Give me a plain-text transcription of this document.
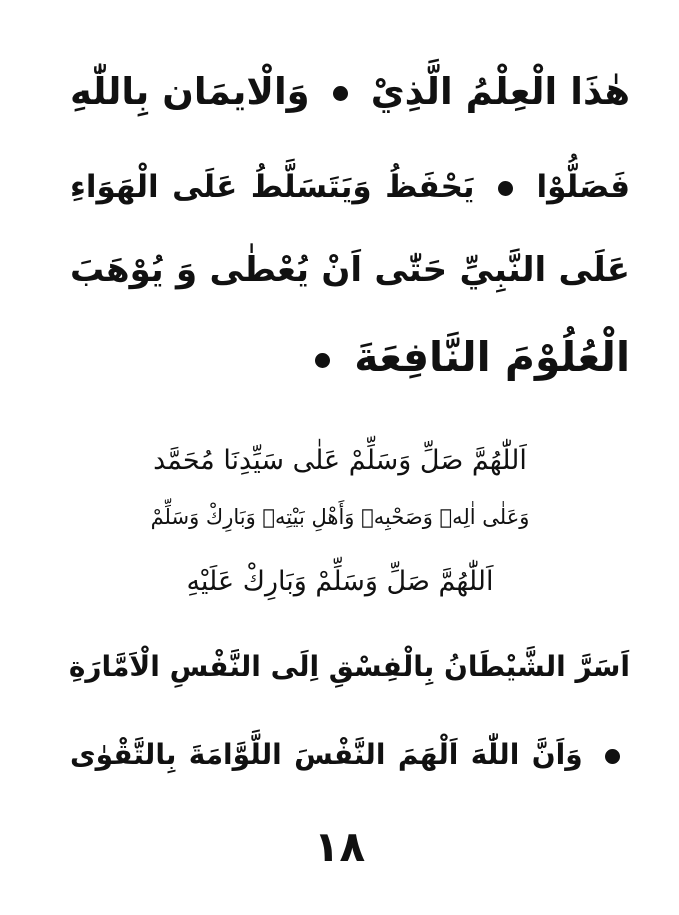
هٰذَا الْعِلْمُ الَّذِيْ  وَالْايمَان بِاللّٰهِ
فَصَلُّوْا  يَحْفَظُ وَيَتَسَلَّطُ عَلَى الْهَوَاءِ
عَلَى النَّبِيِّ حَتّٰى اَنْ يُعْطٰى وَ يُوْهَبَ
الْعُلُوْمَ النَّافِعَةَ
اَللّٰهُمَّ صَلِّ وَسَلِّمْ عَلٰى سَيِّدِنَا مُحَمَّد
وَعَلٰى اٰلِهٖ وَصَحْبِهٖ وَأَهْلِ بَيْتِهٖ وَبَارِكْ وَسَلِّمْ
اَللّٰهُمَّ صَلِّ وَسَلِّمْ وَبَارِكْ عَلَيْهِ
اَسَرَّ الشَّيْطَانُ بِالْفِسْقِ اِلَى النَّفْسِ الْاَمَّارَةِ
وَاَنَّ اللّٰهَ اَلْهَمَ النَّفْسَ اللَّوَّامَةَ بِالتَّقْوٰى
١٨
